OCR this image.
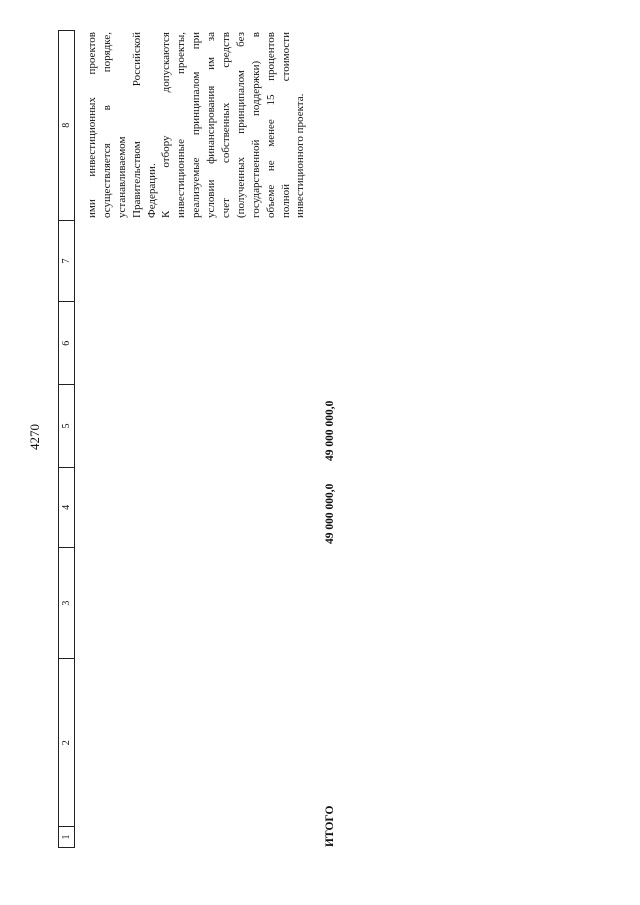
4270
1
2
3
4
5
6
7
8 ими инвестиционных проектов осуществляется в порядке, устанавливаемом Правительством Российской Федерации. К отбору допускаются инвестиционные проекты, реализуемые принципалом при условии финансирования им за счет собственных средств (полученных принципалом без государственной поддержки) в объеме не менее 15 процентов полной стоимости инвестиционного проекта.
ИТОГО
49 000 000,0
49 000 000,0
